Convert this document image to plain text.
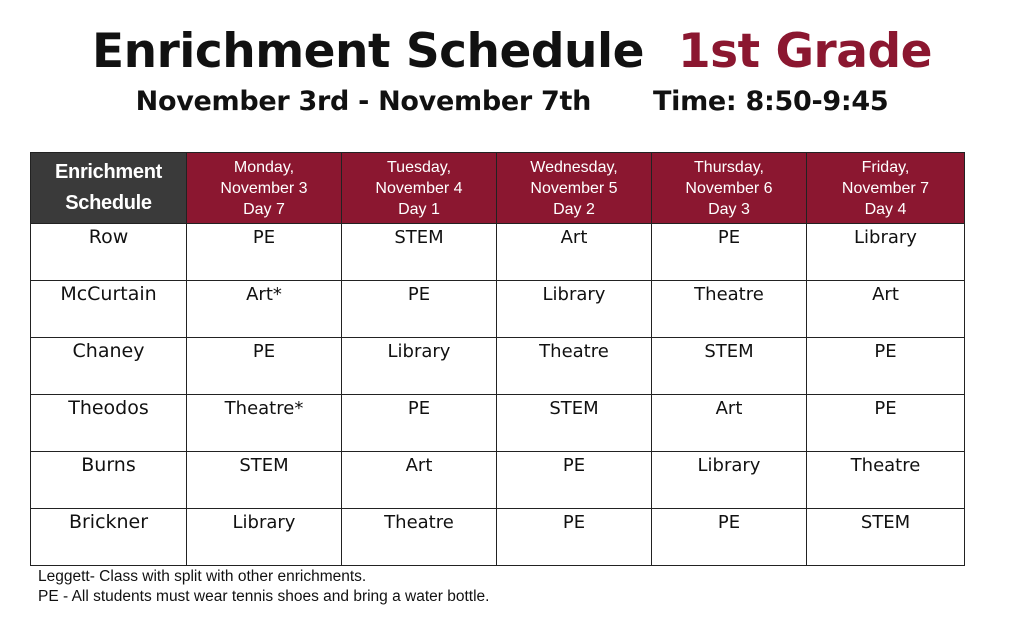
Enrichment Schedule 1st Grade
November 3rd - November 7th Time: 8:50-9:45
Enrichment
Schedule	Monday,
November 3
Day 7	Tuesday,
November 4
Day 1	Wednesday,
November 5
Day 2	Thursday,
November 6
Day 3	Friday,
November 7
Day 4

Row	PE	STEM	Art	PE	Library
McCurtain	Art*	PE	Library	Theatre	Art
Chaney	PE	Library	Theatre	STEM	PE
Theodos	Theatre*	PE	STEM	Art	PE
Burns	STEM	Art	PE	Library	Theatre
Brickner	Library	Theatre	PE	PE	STEM
Leggett- Class with split with other enrichments.
PE - All students must wear tennis shoes and bring a water bottle.
